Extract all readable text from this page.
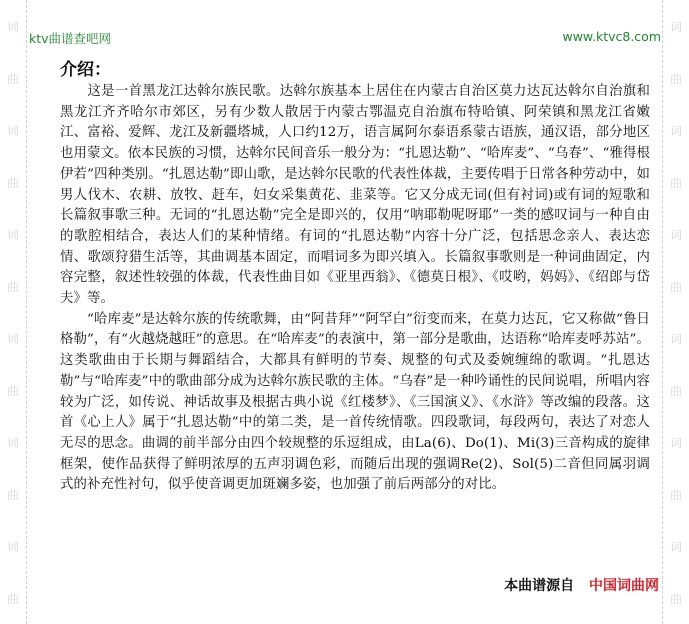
词
曲
词
曲
词
曲
词
曲
词
曲
词
曲
词
曲
词
曲
词
曲
词
曲
词
曲
词
曲
ktv曲谱查吧网	www.ktvc8.com
介绍：

　　这是一首黑龙江达斡尔族民歌。达斡尔族基本上居住在内蒙古自治区莫力达瓦达斡尔自治旗和黑龙江齐齐哈尔市郊区，另有少数人散居于内蒙古鄂温克自治旗布特哈镇、阿荣镇和黑龙江省嫩江、富裕、爱辉、龙江及新疆塔城，人口约12万，语言属阿尔泰语系蒙古语族，通汉语，部分地区也用蒙文。依本民族的习惯，达斡尔民间音乐一般分为：“扎恩达勒”、“哈库麦”、“乌春”、“雅得根伊若”四种类别。“扎恩达勒”即山歌，是达斡尔民歌的代表性体裁，主要传唱于日常各种劳动中，如男人伐木、农耕、放牧、赶车，妇女采集黄花、韭菜等。它又分成无词(但有衬词)或有词的短歌和长篇叙事歌三种。无词的“扎恩达勒”完全是即兴的，仅用“呐耶勒呢呀耶”一类的感叹词与一种自由的歌腔相结合，表达人们的某种情绪。有词的“扎恩达勒”内容十分广泛，包括思念亲人、表达恋情、歌颂狩猎生活等，其曲调基本固定，而唱词多为即兴填入。长篇叙事歌则是一种词曲固定，内容完整，叙述性较强的体裁，代表性曲目如《亚里西翁》、《德莫日根》、《哎哟，妈妈》、《绍郎与岱夫》等。

　　“哈库麦”是达斡尔族的传统歌舞，由“阿昔拜”“阿罕白”衍变而来，在莫力达瓦，它又称做“鲁日格勒”，有“火越烧越旺”的意思。在“哈库麦”的表演中，第一部分是歌曲，达语称“哈库麦呼苏站”。这类歌曲由于长期与舞蹈结合，大都具有鲜明的节奏、规整的句式及委婉缠绵的歌调。“扎恩达勒”与“哈库麦”中的歌曲部分成为达斡尔族民歌的主体。“乌春”是一种吟诵性的民间说唱，所唱内容较为广泛，如传说、神话故事及根据古典小说《红楼梦》、《三国演义》、《水浒》等改编的段落。这首《心上人》属于“扎恩达勒”中的第二类，是一首传统情歌。四段歌词，每段两句，表达了对恋人无尽的思念。曲调的前半部分由四个较规整的乐逗组成，由La(6)、Do(1)、Mi(3)三音构成的旋律框架，使作品获得了鲜明浓厚的五声羽调色彩，而随后出现的强调Re(2)、Sol(5)二音但同属羽调式的补充性衬句，似乎使音调更加斑斓多姿，也加强了前后两部分的对比。

本曲谱源自 中国词曲网
